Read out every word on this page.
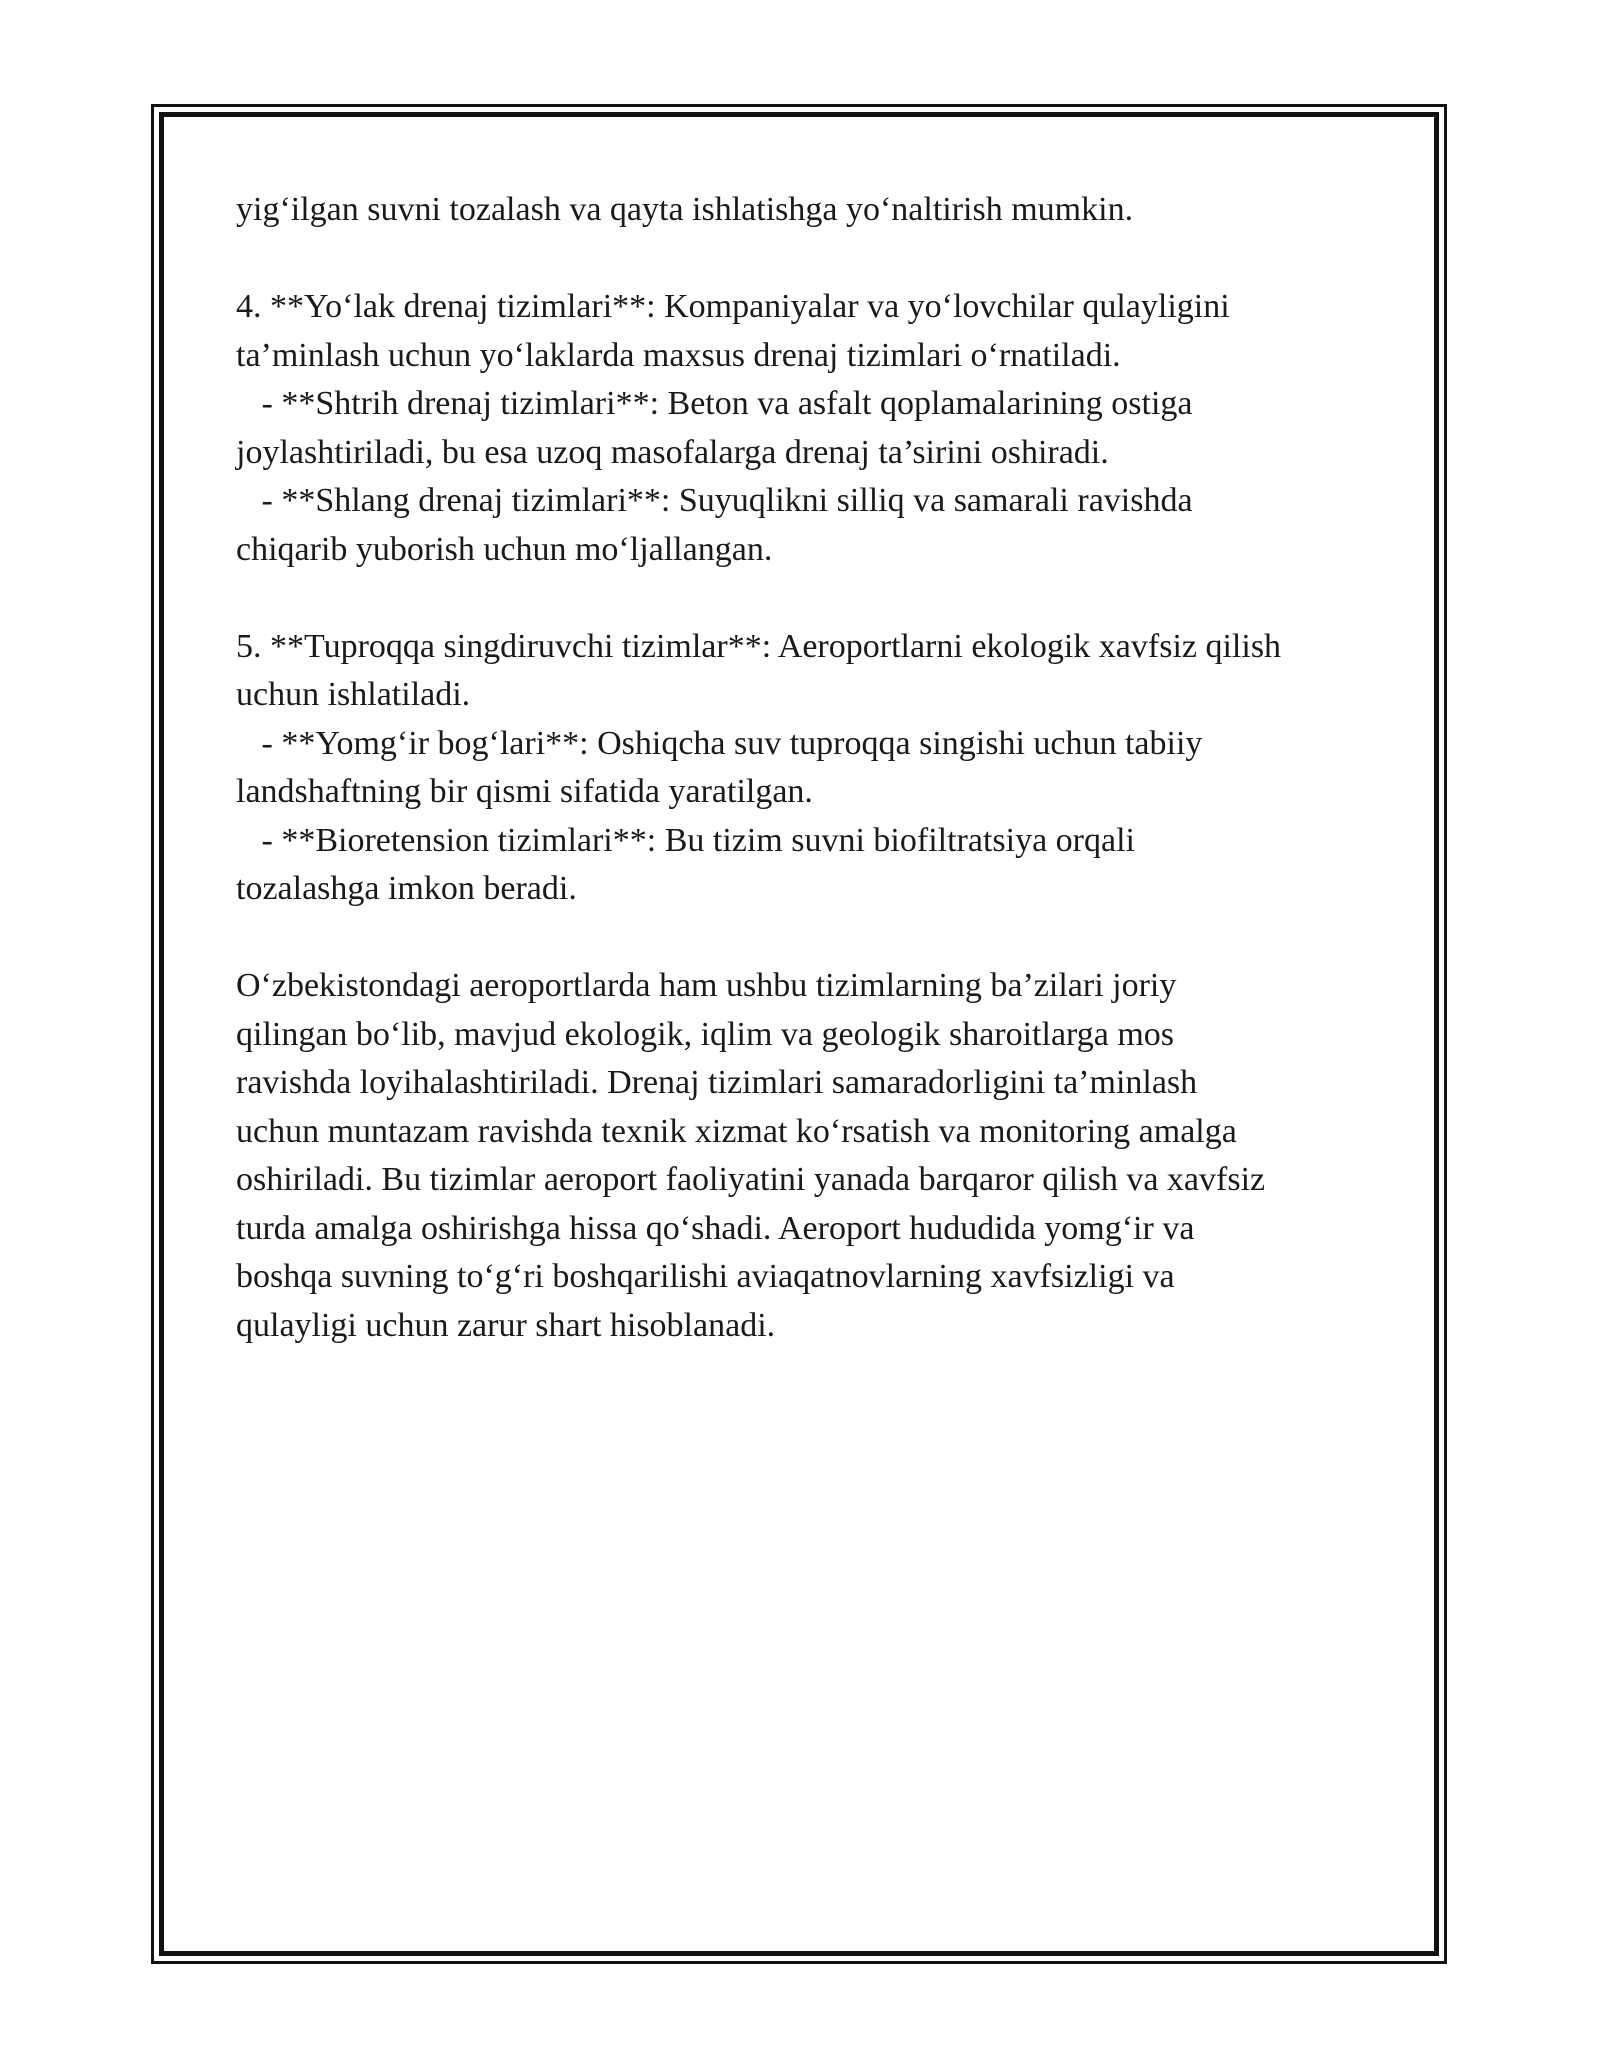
yig‘ilgan suvni tozalash va qayta ishlatishga yo‘naltirish mumkin.

4. **Yo‘lak drenaj tizimlari**: Kompaniyalar va yo‘lovchilar qulayligini
ta’minlash uchun yo‘laklarda maxsus drenaj tizimlari o‘rnatiladi.
- **Shtrih drenaj tizimlari**: Beton va asfalt qoplamalarining ostiga
joylashtiriladi, bu esa uzoq masofalarga drenaj ta’sirini oshiradi.
- **Shlang drenaj tizimlari**: Suyuqlikni silliq va samarali ravishda
chiqarib yuborish uchun mo‘ljallangan.

5. **Tuproqqa singdiruvchi tizimlar**: Aeroportlarni ekologik xavfsiz qilish
uchun ishlatiladi.
- **Yomg‘ir bog‘lari**: Oshiqcha suv tuproqqa singishi uchun tabiiy
landshaftning bir qismi sifatida yaratilgan.
- **Bioretension tizimlari**: Bu tizim suvni biofiltratsiya orqali
tozalashga imkon beradi.

O‘zbekistondagi aeroportlarda ham ushbu tizimlarning ba’zilari joriy
qilingan bo‘lib, mavjud ekologik, iqlim va geologik sharoitlarga mos
ravishda loyihalashtiriladi. Drenaj tizimlari samaradorligini ta’minlash
uchun muntazam ravishda texnik xizmat ko‘rsatish va monitoring amalga
oshiriladi. Bu tizimlar aeroport faoliyatini yanada barqaror qilish va xavfsiz
turda amalga oshirishga hissa qo‘shadi. Aeroport hududida yomg‘ir va
boshqa suvning to‘g‘ri boshqarilishi aviaqatnovlarning xavfsizligi va
qulayligi uchun zarur shart hisoblanadi.
